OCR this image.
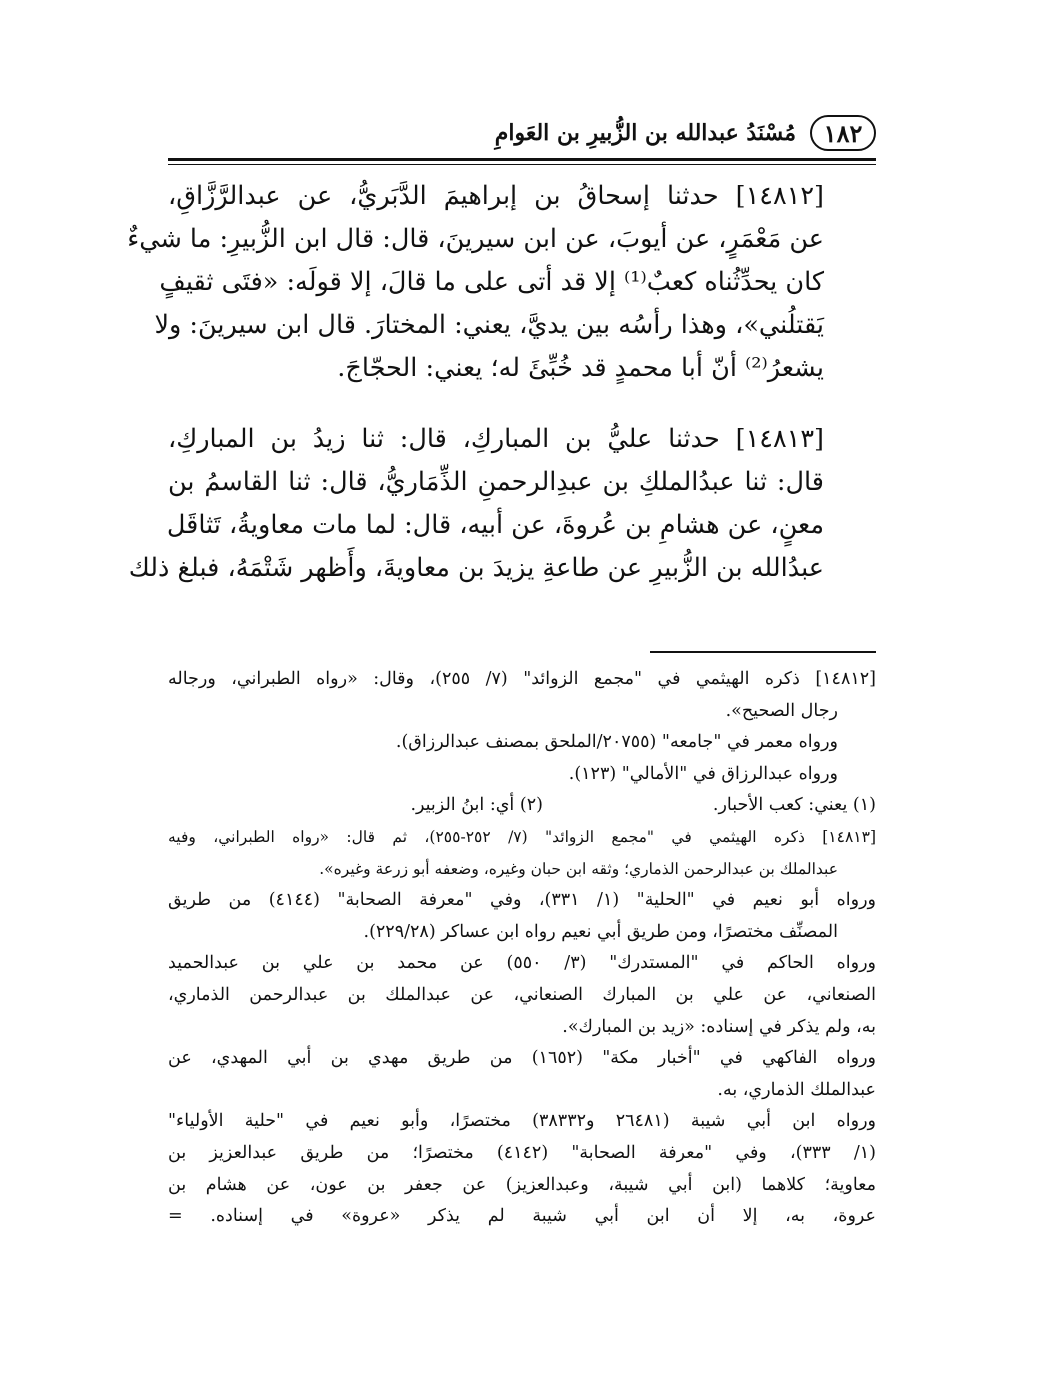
١٨٢
مُسْنَدُ عبدالله بن الزُّبيرِ بن العَوامِ
[١٤٨١٢] حدثنا إسحاقُ بن إبراهيمَ الدَّبَريُّ، عن عبدالرَّزَّاقِ،
عن مَعْمَرٍ، عن أيوبَ، عن ابن سيرينَ، قال: قال ابن الزُّبيرِ: ما شيءٌ
كان يحدِّثُناه كعبٌ⁽¹⁾ إلا قد أتى على ما قالَ، إلا قولَه: «فتَى ثقيفٍ
يَقتلُني»، وهذا رأسُه بين يديَّ، يعني: المختارَ. قال ابن سيرينَ: ولا
يشعرُ⁽²⁾ أنّ أبا محمدٍ قد خُبِّئَ له؛ يعني: الحجّاجَ.
[١٤٨١٣] حدثنا عليُّ بن المباركِ، قال: ثنا زيدُ بن المباركِ،
قال: ثنا عبدُالملكِ بن عبدِالرحمنِ الذِّمَاريُّ، قال: ثنا القاسمُ بن
معنٍ، عن هشامِ بن عُروةَ، عن أبيه، قال: لما مات معاويةُ، تَثاقَل
عبدُالله بن الزُّبيرِ عن طاعةِ يزيدَ بن معاويةَ، وأَظهر شَتْمَهُ، فبلغ ذلك
[١٤٨١٢] ذكره الهيثمي في "مجمع الزوائد" (٧/ ٢٥٥)، وقال: «رواه الطبراني، ورجاله
رجال الصحيح».
ورواه معمر في "جامعه" (٢٠٧٥٥/الملحق بمصنف عبدالرزاق).
ورواه عبدالرزاق في "الأمالي" (١٢٣).
(١) يعني: كعب الأحبار.
(٢) أي: ابنُ الزبير.
[١٤٨١٣] ذكره الهيثمي في "مجمع الزوائد" (٧/ ٢٥٢-٢٥٥)، ثم قال: «رواه الطبراني، وفيه
عبدالملك بن عبدالرحمن الذماري؛ وثقه ابن حبان وغيره، وضعفه أبو زرعة وغيره».
ورواه أبو نعيم في "الحلية" (١/ ٣٣١)، وفي "معرفة الصحابة" (٤١٤٤) من طريق
المصنِّف مختصرًا، ومن طريق أبي نعيم رواه ابن عساكر (٢٢٩/٢٨).
ورواه الحاكم في "المستدرك" (٣/ ٥٥٠) عن محمد بن علي بن عبدالحميد
الصنعاني، عن علي بن المبارك الصنعاني، عن عبدالملك بن عبدالرحمن الذماري،
به، ولم يذكر في إسناده: «زيد بن المبارك».
ورواه الفاكهي في "أخبار مكة" (١٦٥٢) من طريق مهدي بن أبي المهدي، عن
عبدالملك الذماري، به.
ورواه ابن أبي شيبة (٢٦٤٨١ و٣٨٣٣٢) مختصرًا، وأبو نعيم في "حلية الأولياء"
(١/ ٣٣٣)، وفي "معرفة الصحابة" (٤١٤٢) مختصرًا؛ من طريق عبدالعزيز بن
معاوية؛ كلاهما (ابن أبي شيبة، وعبدالعزيز) عن جعفر بن عون، عن هشام بن
عروة، به، إلا أن ابن أبي شيبة لم يذكر «عروة» في إسناده. =
